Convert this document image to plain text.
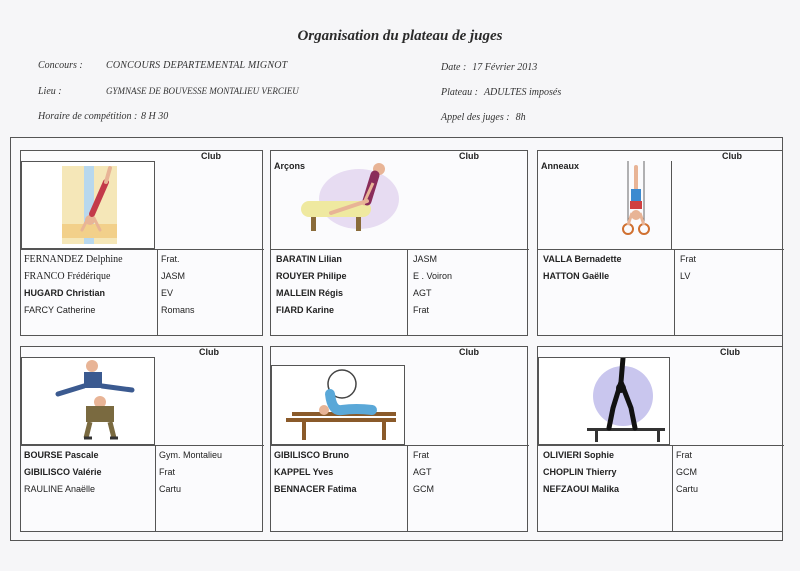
Organisation du plateau de juges
Concours : CONCOURS DEPARTEMENTAL MIGNOT
Lieu :	GYMNASE DE BOUVESSE MONTALIEU VERCIEU
Horaire de compétition : 8 H 30
Date : 17 Février 2013
Plateau : ADULTES imposés
Appel des juges : 8h
Club
FERNANDEZ Delphine
FRANCO Frédérique
HUGARD Christian
FARCY Catherine
Frat.
JASM
EV
Romans
Arçons
Club
BARATIN Lilian
ROUYER Philipe
MALLEIN Régis
FIARD Karine
JASM
E . Voiron
AGT
Frat
Anneaux
Club
VALLA Bernadette
HATTON Gaëlle
Frat
LV
Club
BOURSE Pascale
GIBILISCO Valérie
RAULINE Anaëlle
Gym. Montalieu
Frat
Cartu
Club
GIBILISCO Bruno
KAPPEL Yves
BENNACER Fatima
Frat
AGT
GCM
Club
OLIVIERI Sophie
CHOPLIN Thierry
NEFZAOUI Malika
Frat
GCM
Cartu
